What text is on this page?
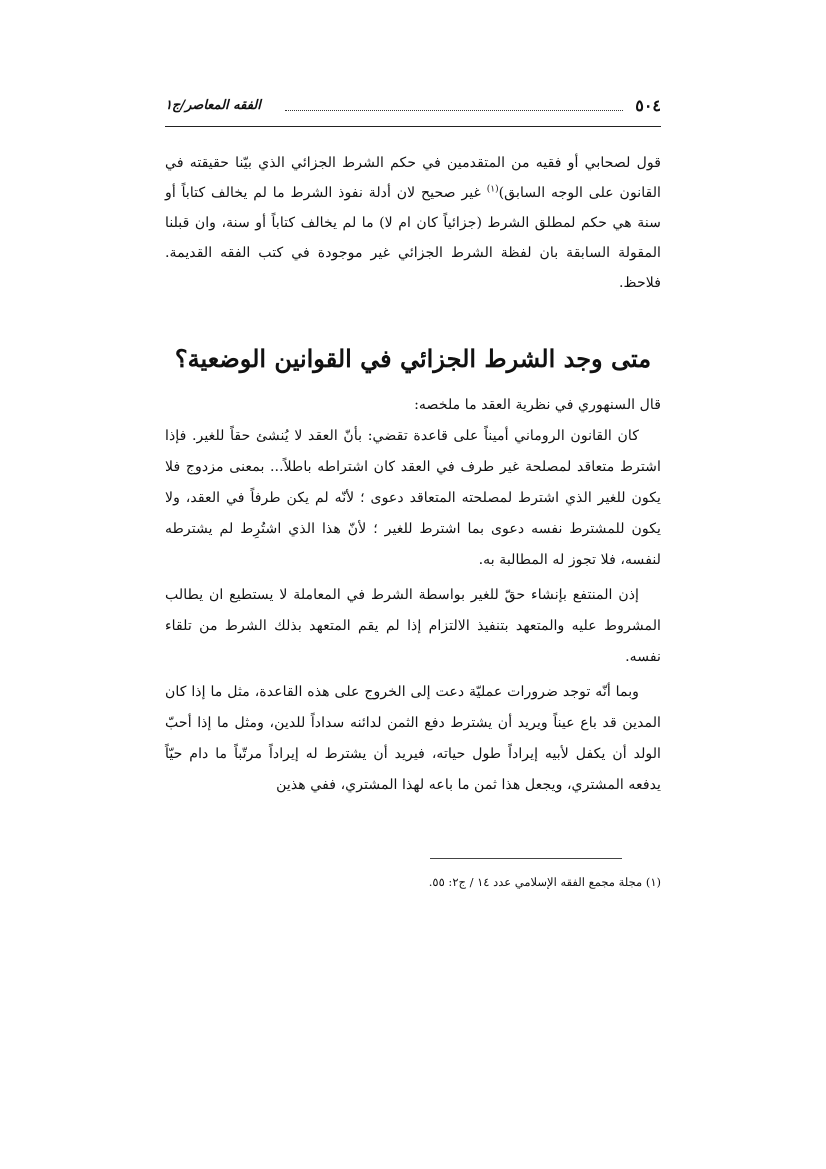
٥٠٤
الفقه المعاصر/ج١

قول لصحابي أو فقيه من المتقدمين في حكم الشرط الجزائي الذي بيّنا حقيقته في القانون على الوجه السابق)$^{(١)}$ غير صحيح لان أدلة نفوذ الشرط ما لم يخالف كتاباً أو سنة هي حكم لمطلق الشرط (جزائياً كان ام لا) ما لم يخالف كتاباً أو سنة، وان قبلنا المقولة السابقة بان لفظة الشرط الجزائي غير موجودة في كتب الفقه القديمة. فلاحظ.

متى وجد الشرط الجزائي في القوانين الوضعية؟

قال السنهوري في نظرية العقد ما ملخصه:

كان القانون الروماني أميناً على قاعدة تقضي: بأنّ العقد لا يُنشئ حقاً للغير. فإذا اشترط متعاقد لمصلحة غير طرف في العقد كان اشتراطه باطلاً... بمعنى مزدوج فلا يكون للغير الذي اشترط لمصلحته المتعاقد دعوى ؛ لأنّه لم يكن طرفاً في العقد، ولا يكون للمشترط نفسه دعوى بما اشترط للغير ؛ لأنّ هذا الذي اشتُرِط لم يشترطه لنفسه، فلا تجوز له المطالبة به.

إذن المنتفع بإنشاء حقّ للغير بواسطة الشرط في المعاملة لا يستطيع ان يطالب المشروط عليه والمتعهد بتنفيذ الالتزام إذا لم يقم المتعهد بذلك الشرط من تلقاء نفسه.

وبما أنّه توجد ضرورات عمليّة دعت إلى الخروج على هذه القاعدة، مثل ما إذا كان المدين قد باع عيناً ويريد أن يشترط دفع الثمن لدائنه سداداً للدين، ومثل ما إذا أحبّ الولد أن يكفل لأبيه إيراداً طول حياته، فيريد أن يشترط له إيراداً مرتّباً ما دام حيّاً يدفعه المشتري، ويجعل هذا ثمن ما باعه لهذا المشتري، ففي هذين

(١) مجلة مجمع الفقه الإسلامي عدد ١٤ / ج٢: ٥٥.
